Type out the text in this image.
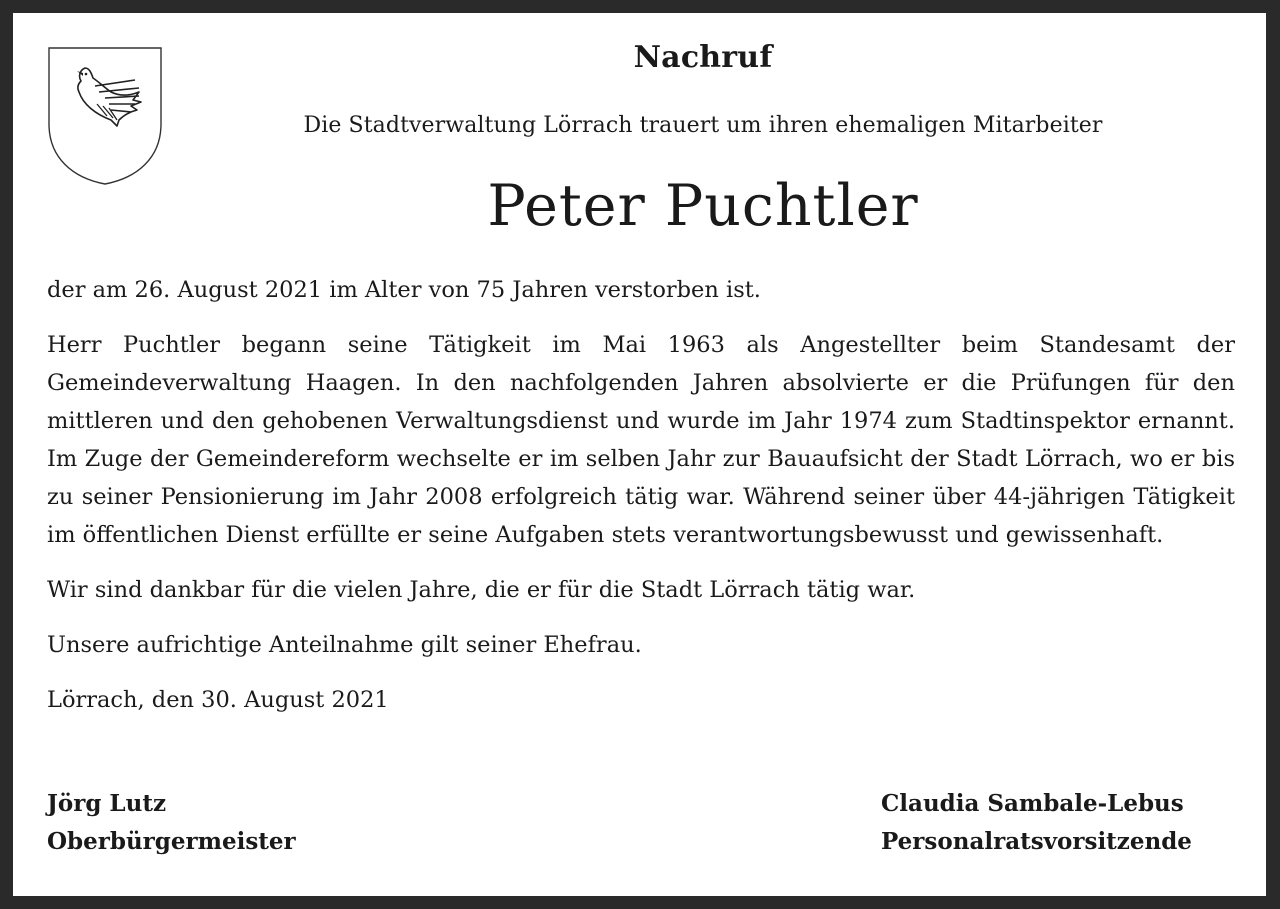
Nachruf
Die Stadtverwaltung Lörrach trauert um ihren ehemaligen Mitarbeiter
Peter Puchtler

der am 26. August 2021 im Alter von 75 Jahren verstorben ist.

Herr Puchtler begann seine Tätigkeit im Mai 1963 als Angestellter beim Standesamt der Gemeindeverwaltung Haagen. In den nachfolgenden Jahren absolvierte er die Prüfungen für den mittleren und den gehobenen Verwaltungsdienst und wurde im Jahr 1974 zum Stadtinspektor ernannt. Im Zuge der Gemeindereform wechselte er im selben Jahr zur Bauaufsicht der Stadt Lörrach, wo er bis zu seiner Pensionierung im Jahr 2008 erfolgreich tätig war. Während seiner über 44-jährigen Tätigkeit im öffentlichen Dienst erfüllte er seine Aufgaben stets verantwortungsbewusst und gewissenhaft.

Wir sind dankbar für die vielen Jahre, die er für die Stadt Lörrach tätig war.

Unsere aufrichtige Anteilnahme gilt seiner Ehefrau.

Lörrach, den 30. August 2021

Jörg Lutz
Oberbürgermeister
Claudia Sambale-Lebus
Personalratsvorsitzende
